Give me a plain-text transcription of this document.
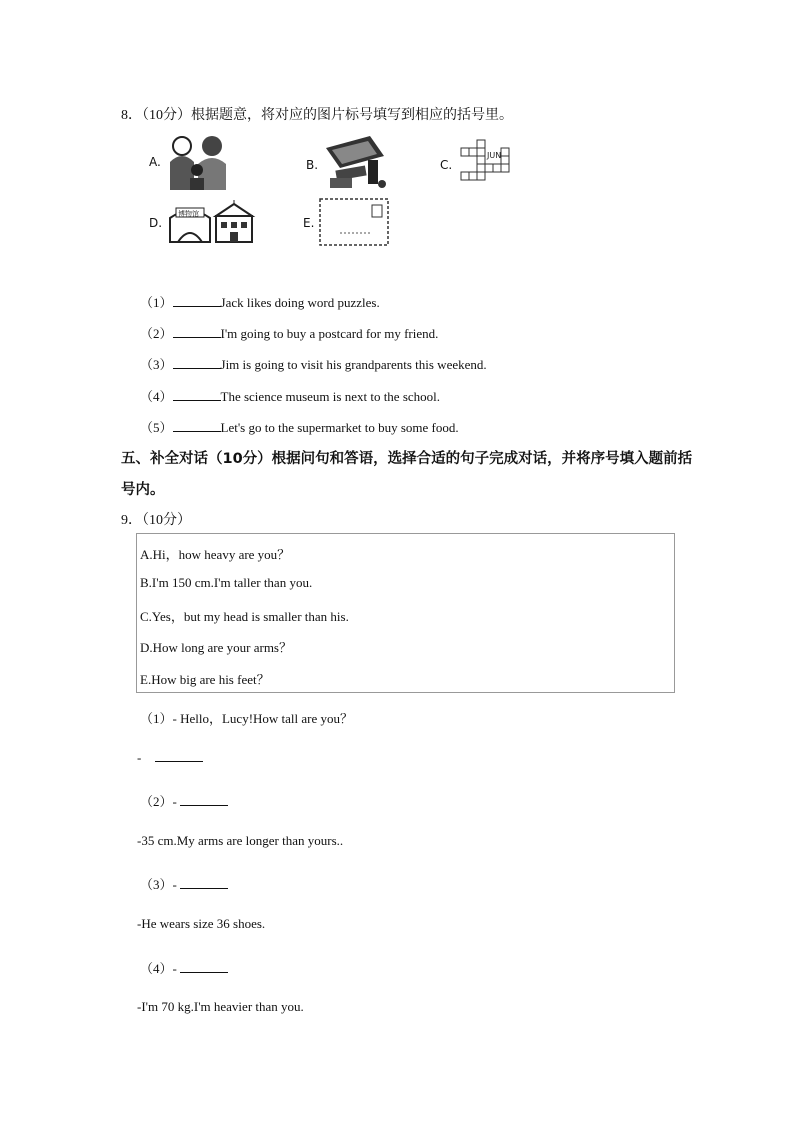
8．（10分）根据题意，将对应的图片标号填写到相应的括号里。
A.	B.	C.
JUN
D.
博物馆
E.
（1）	Jack likes doing word puzzles.
（2）	I'm going to buy a postcard for my friend.
（3）	Jim is going to visit his grandparents this weekend.
（4）	The science museum is next to the school.
（5）	Let's go to the supermarket to buy some food.
五、补全对话（10分）根据问句和答语，选择合适的句子完成对话，并将序号填入题前括
号内。
9．（10分）
A.Hi，how heavy are you？
B.I'm 150 cm.I'm taller than you.
C.Yes，but my head is smaller than his.
D.How long are your arms？
E.How big are his feet？
（1）- Hello，Lucy!How tall are you？
-
（2）-
-35 cm.My arms are longer than yours..
（3）-
-He wears size 36 shoes.
（4）-
-I'm 70 kg.I'm heavier than you.
